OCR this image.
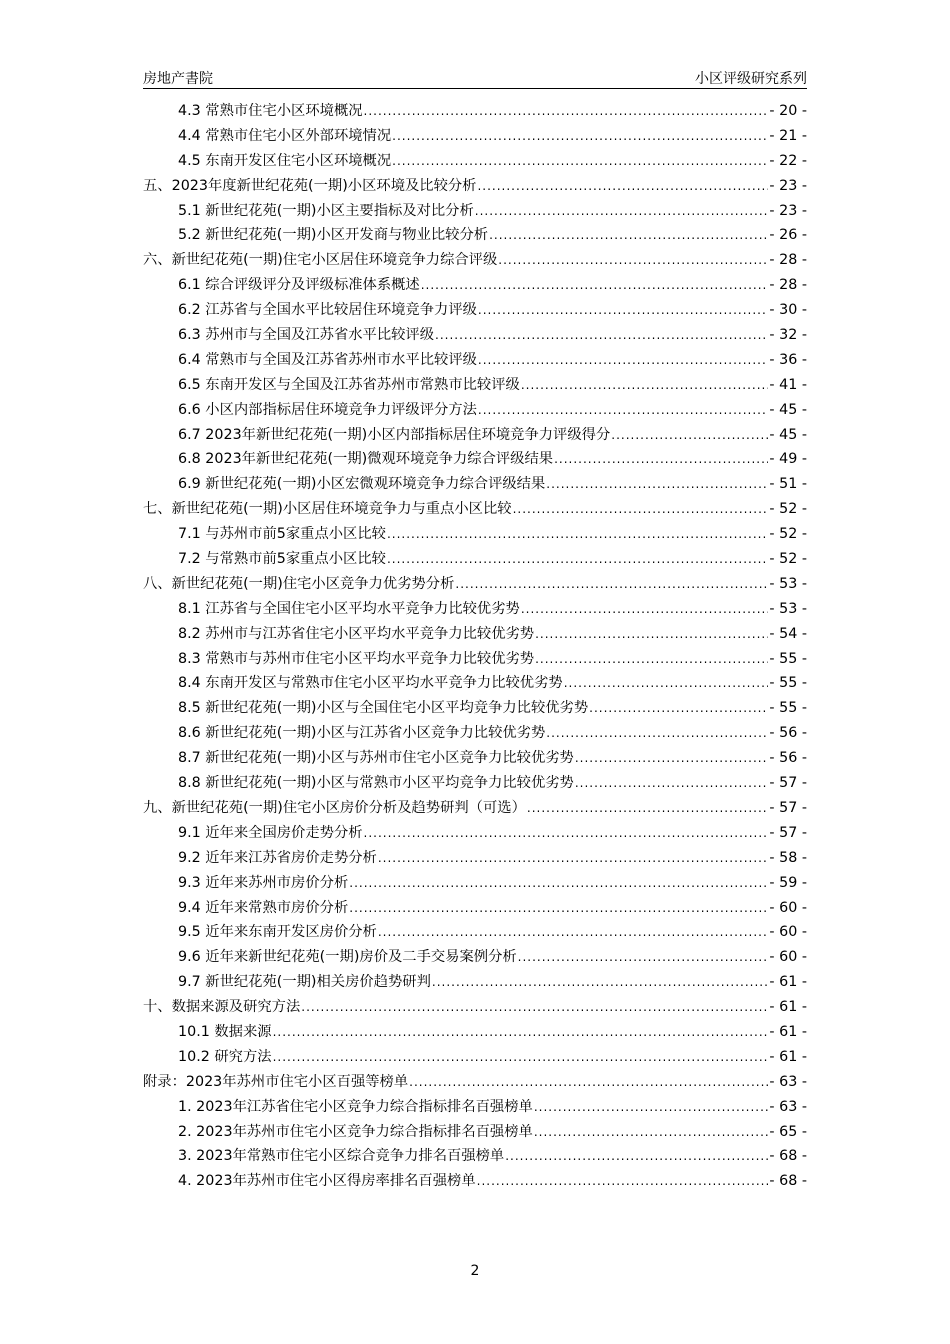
房地产書院	小区评级研究系列
4.3 常熟市住宅小区环境概况 .....	- 20 -
4.4 常熟市住宅小区外部环境情况 .....	- 21 -
4.5 东南开发区住宅小区环境概况 .....	- 22 -
五、2023年度新世纪花苑(一期)小区环境及比较分析 .....	- 23 -
5.1 新世纪花苑(一期)小区主要指标及对比分析 .....	- 23 -
5.2 新世纪花苑(一期)小区开发商与物业比较分析 .....	- 26 -
六、新世纪花苑(一期)住宅小区居住环境竞争力综合评级 .....	- 28 -
6.1 综合评级评分及评级标准体系概述 .....	- 28 -
6.2 江苏省与全国水平比较居住环境竞争力评级 .....	- 30 -
6.3 苏州市与全国及江苏省水平比较评级 .....	- 32 -
6.4 常熟市与全国及江苏省苏州市水平比较评级 .....	- 36 -
6.5 东南开发区与全国及江苏省苏州市常熟市比较评级 .....	- 41 -
6.6 小区内部指标居住环境竞争力评级评分方法 .....	- 45 -
6.7 2023年新世纪花苑(一期)小区内部指标居住环境竞争力评级得分 .....	- 45 -
6.8 2023年新世纪花苑(一期)微观环境竞争力综合评级结果 .....	- 49 -
6.9 新世纪花苑(一期)小区宏微观环境竞争力综合评级结果 .....	- 51 -
七、新世纪花苑(一期)小区居住环境竞争力与重点小区比较 .....	- 52 -
7.1 与苏州市前5家重点小区比较 .....	- 52 -
7.2 与常熟市前5家重点小区比较 .....	- 52 -
八、新世纪花苑(一期)住宅小区竞争力优劣势分析 .....	- 53 -
8.1 江苏省与全国住宅小区平均水平竞争力比较优劣势 .....	- 53 -
8.2 苏州市与江苏省住宅小区平均水平竞争力比较优劣势 .....	- 54 -
8.3 常熟市与苏州市住宅小区平均水平竞争力比较优劣势 .....	- 55 -
8.4 东南开发区与常熟市住宅小区平均水平竞争力比较优劣势 .....	- 55 -
8.5 新世纪花苑(一期)小区与全国住宅小区平均竞争力比较优劣势 .....	- 55 -
8.6 新世纪花苑(一期)小区与江苏省小区竞争力比较优劣势 .....	- 56 -
8.7 新世纪花苑(一期)小区与苏州市住宅小区竞争力比较优劣势 .....	- 56 -
8.8 新世纪花苑(一期)小区与常熟市小区平均竞争力比较优劣势 .....	- 57 -
九、新世纪花苑(一期)住宅小区房价分析及趋势研判（可选） .....	- 57 -
9.1 近年来全国房价走势分析 .....	- 57 -
9.2 近年来江苏省房价走势分析 .....	- 58 -
9.3 近年来苏州市房价分析 .....	- 59 -
9.4 近年来常熟市房价分析 .....	- 60 -
9.5 近年来东南开发区房价分析 .....	- 60 -
9.6 近年来新世纪花苑(一期)房价及二手交易案例分析 .....	- 60 -
9.7 新世纪花苑(一期)相关房价趋势研判 .....	- 61 -
十、数据来源及研究方法 .....	- 61 -
10.1 数据来源 .....	- 61 -
10.2 研究方法 .....	- 61 -
附录：2023年苏州市住宅小区百强等榜单 .....	- 63 -
1. 2023年江苏省住宅小区竞争力综合指标排名百强榜单 .....	- 63 -
2. 2023年苏州市住宅小区竞争力综合指标排名百强榜单 .....	- 65 -
3. 2023年常熟市住宅小区综合竞争力排名百强榜单 .....	- 68 -
4. 2023年苏州市住宅小区得房率排名百强榜单 .....	- 68 -
2
